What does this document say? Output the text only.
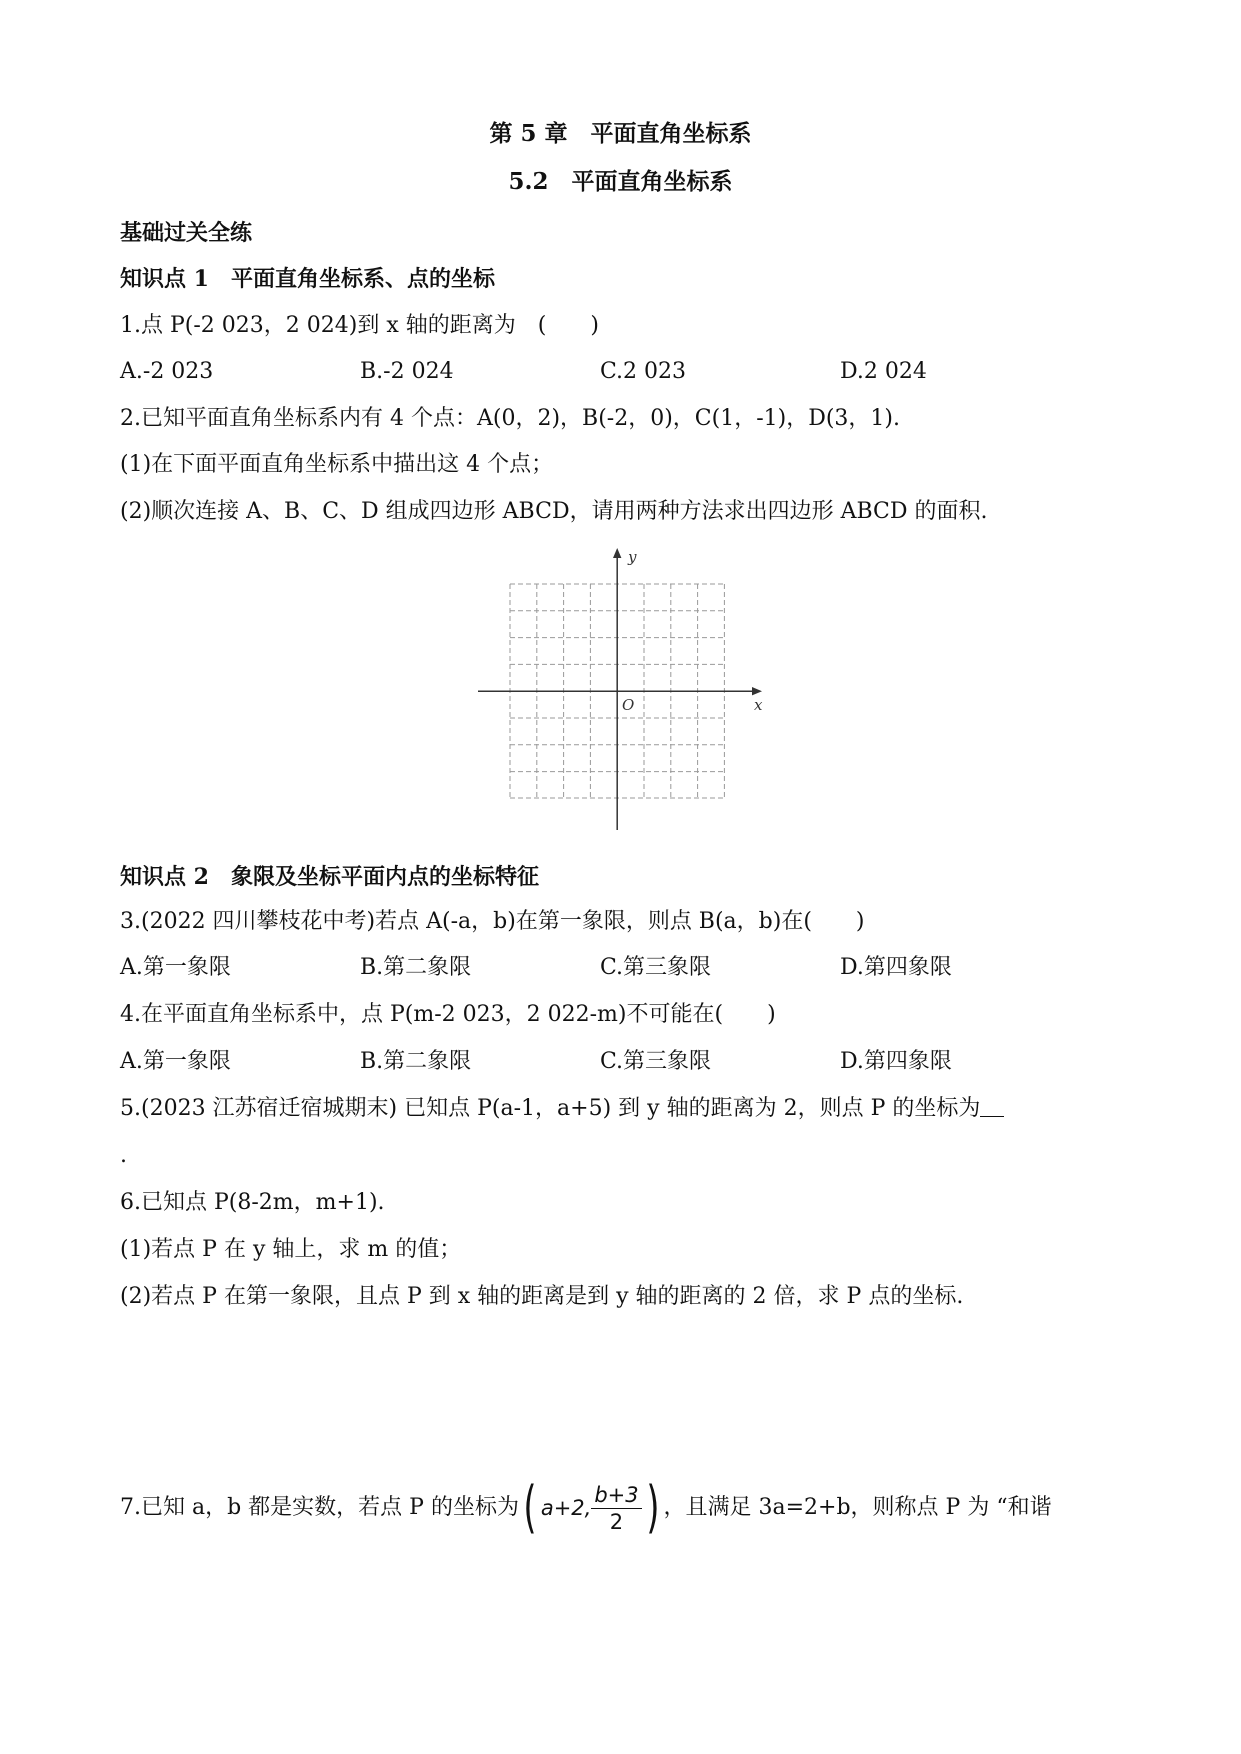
第 5 章　平面直角坐标系
5.2　平面直角坐标系
基础过关全练
知识点 1　平面直角坐标系、点的坐标
1.点 P(-2 023，2 024)到 x 轴的距离为　(　　)
A.-2 023	B.-2 024	C.2 023	D.2 024
2.已知平面直角坐标系内有 4 个点：A(0，2)，B(-2，0)，C(1，-1)，D(3，1).
(1)在下面平面直角坐标系中描出这 4 个点；
(2)顺次连接 A、B、C、D 组成四边形 ABCD，请用两种方法求出四边形 ABCD 的面积.
x
y
O
知识点 2　象限及坐标平面内点的坐标特征
3.(2022 四川攀枝花中考)若点 A(-a，b)在第一象限，则点 B(a，b)在(　　)
A.第一象限	B.第二象限	C.第三象限	D.第四象限
4.在平面直角坐标系中，点 P(m-2 023，2 022-m)不可能在(　　)
A.第一象限	B.第二象限	C.第三象限	D.第四象限
5.(2023 江苏宿迁宿城期末) 已知点 P(a-1，a+5) 到 y 轴的距离为 2，则点 P 的坐标为
.
6.已知点 P(8-2m，m+1).
(1)若点 P 在 y 轴上，求 m 的值；
(2)若点 P 在第一象限，且点 P 到 x 轴的距离是到 y 轴的距离的 2 倍，求 P 点的坐标.
7.已知 a，b 都是实数，若点 P 的坐标为( a+2, $\frac{b+3}{2}$ ) ，且满足 3a=2+b，则称点 P 为 “和谐
